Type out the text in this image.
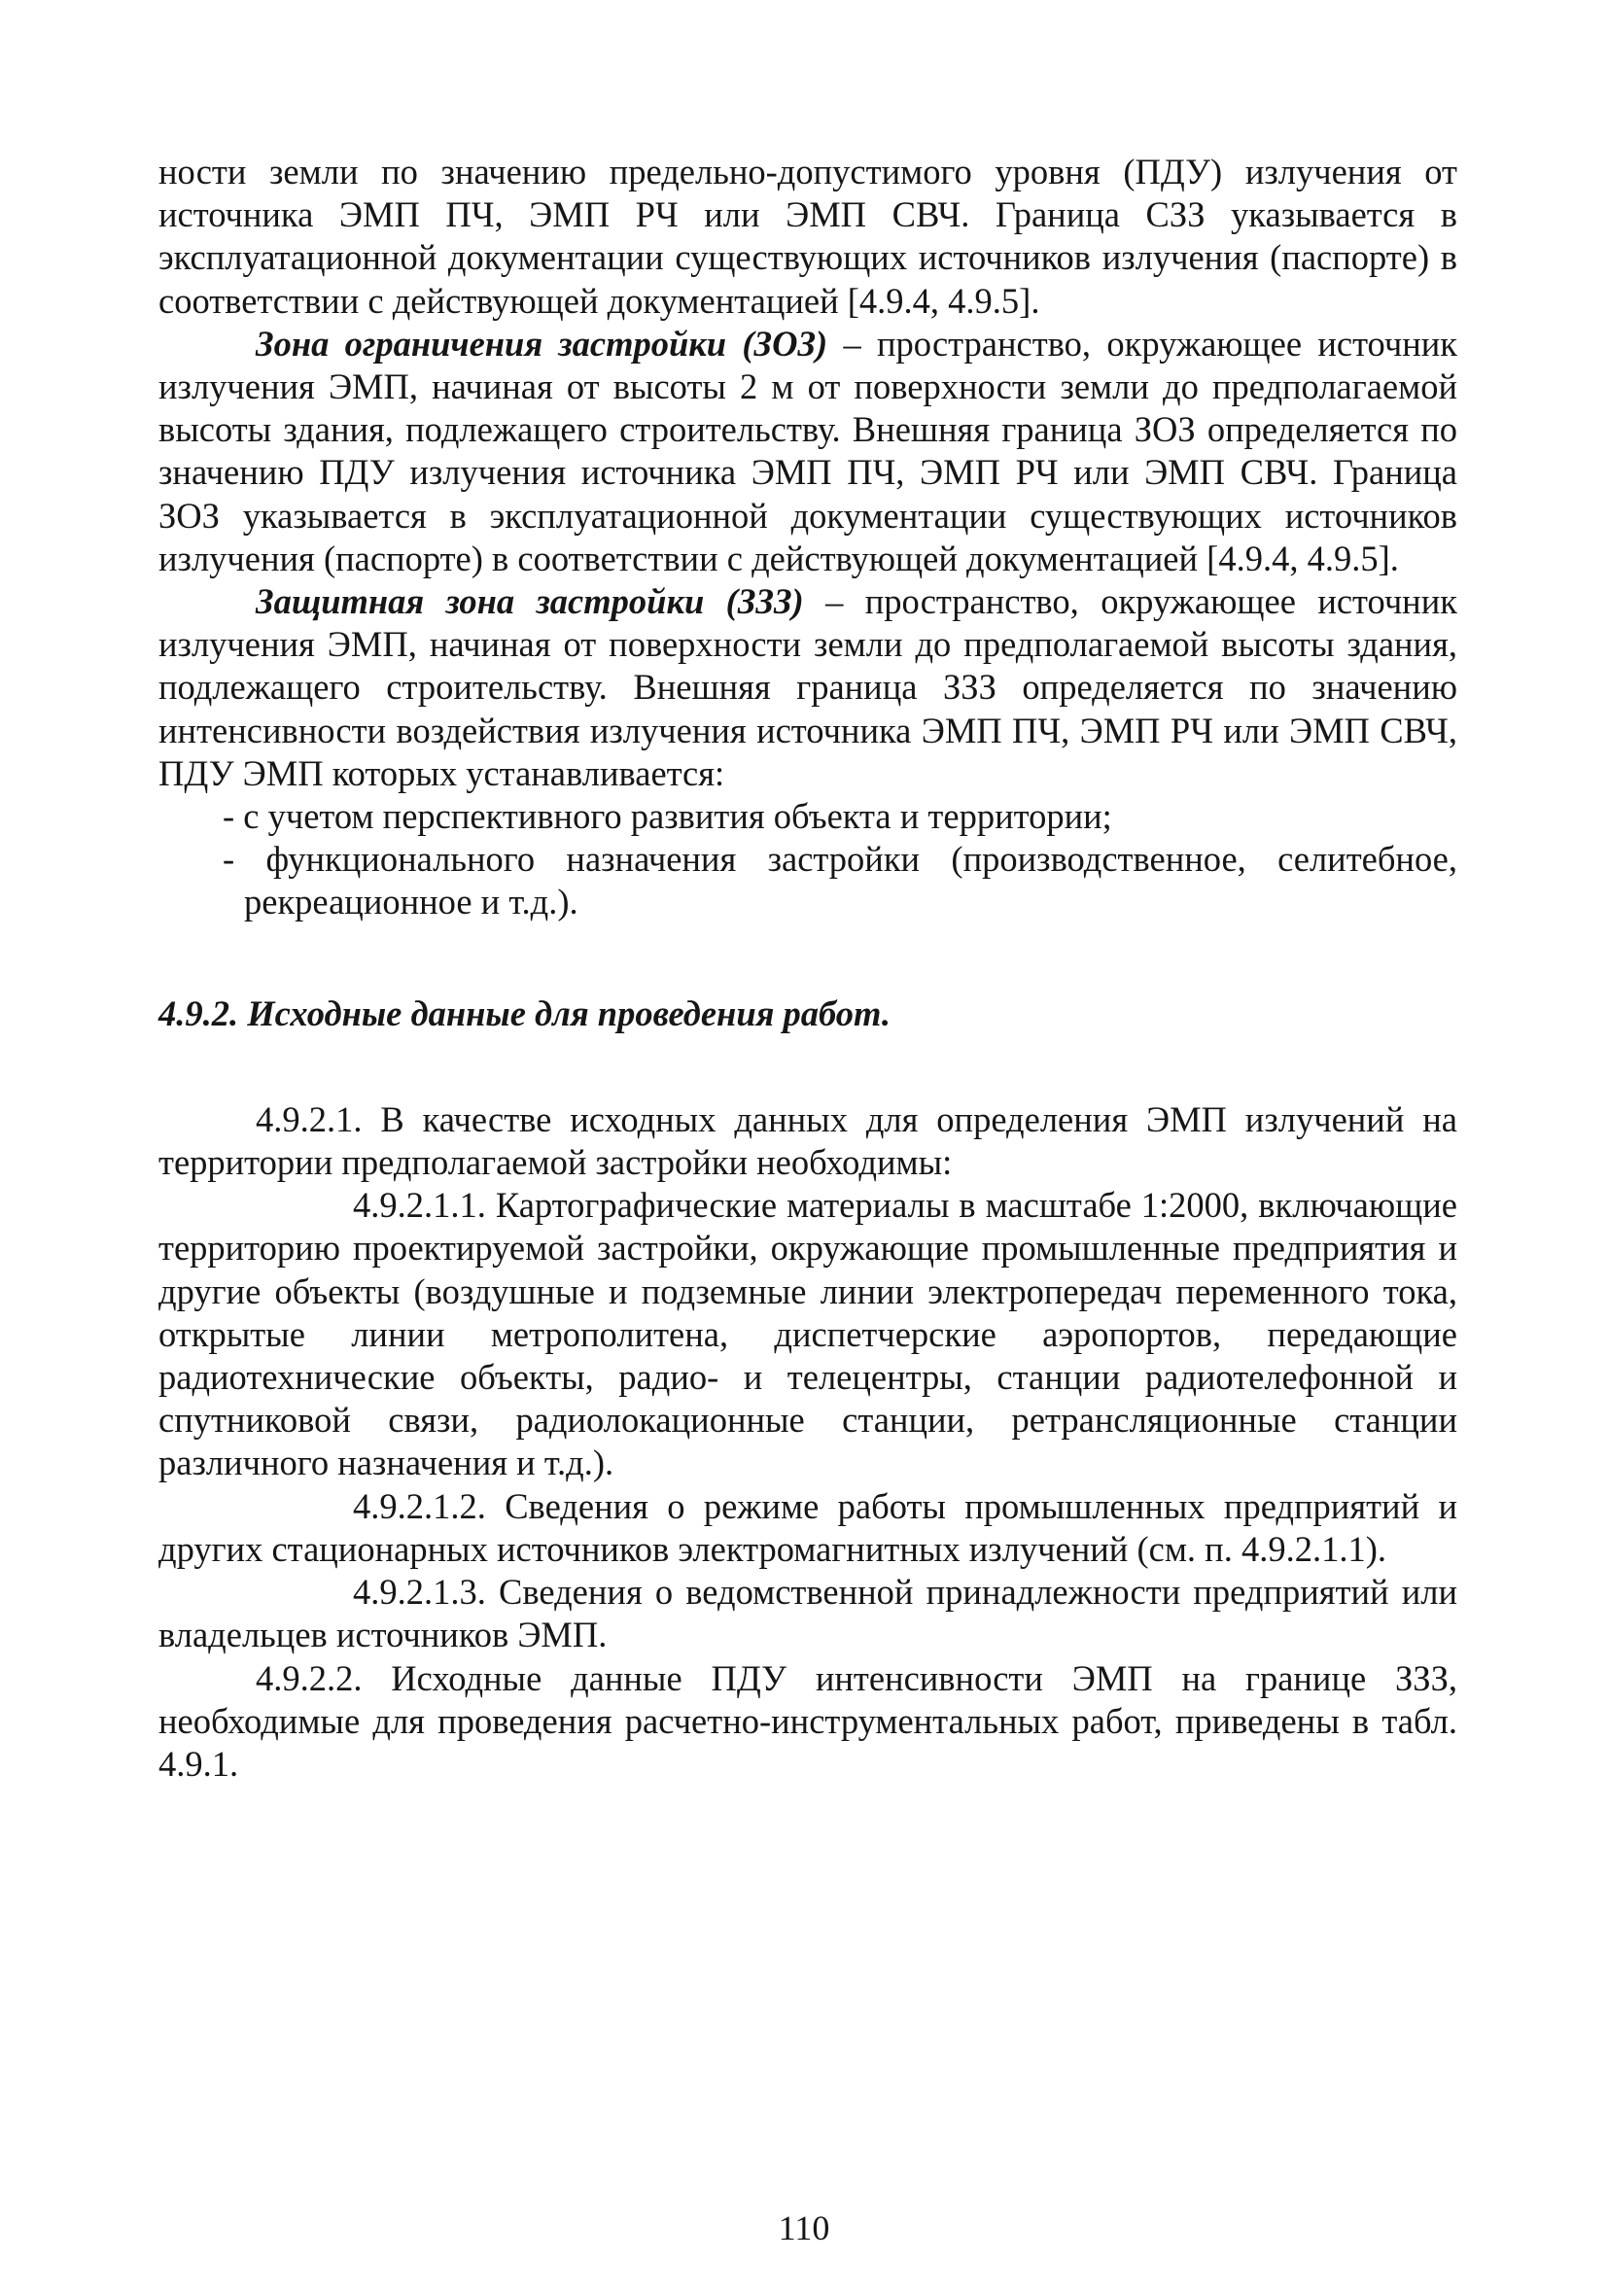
ности земли по значению предельно-допустимого уровня (ПДУ) излучения от источника ЭМП ПЧ, ЭМП РЧ или ЭМП СВЧ. Граница СЗЗ указывается в эксплуатационной документации существующих источников излучения (паспорте) в соответствии с действующей документацией [4.9.4, 4.9.5].

Зона ограничения застройки (ЗОЗ) – пространство, окружающее источник излучения ЭМП, начиная от высоты 2 м от поверхности земли до предполагаемой высоты здания, подлежащего строительству. Внешняя граница ЗОЗ определяется по значению ПДУ излучения источника ЭМП ПЧ, ЭМП РЧ или ЭМП СВЧ. Граница ЗОЗ указывается в эксплуатационной документации существующих источников излучения (паспорте) в соответствии с действующей документацией [4.9.4, 4.9.5].

Защитная зона застройки (ЗЗЗ) – пространство, окружающее источник излучения ЭМП, начиная от поверхности земли до предполагаемой высоты здания, подлежащего строительству. Внешняя граница ЗЗЗ определяется по значению интенсивности воздействия излучения источника ЭМП ПЧ, ЭМП РЧ или ЭМП СВЧ, ПДУ ЭМП которых устанавливается:

- с учетом перспективного развития объекта и территории;

- функционального назначения застройки (производственное, селитебное, рекреационное и т.д.).

4.9.2. Исходные данные для проведения работ.

4.9.2.1. В качестве исходных данных для определения ЭМП излучений на территории предполагаемой застройки необходимы:

4.9.2.1.1. Картографические материалы в масштабе 1:2000, включающие территорию проектируемой застройки, окружающие промышленные предприятия и другие объекты (воздушные и подземные линии электропередач переменного тока, открытые линии метрополитена, диспетчерские аэропортов, передающие радиотехнические объекты, радио- и телецентры, станции радиотелефонной и спутниковой связи, радиолокационные станции, ретрансляционные станции различного назначения и т.д.).

4.9.2.1.2. Сведения о режиме работы промышленных предприятий и других стационарных источников электромагнитных излучений (см. п. 4.9.2.1.1).

4.9.2.1.3. Сведения о ведомственной принадлежности предприятий или владельцев источников ЭМП.

4.9.2.2. Исходные данные ПДУ интенсивности ЭМП на границе ЗЗЗ, необходимые для проведения расчетно-инструментальных работ, приведены в табл. 4.9.1.

110
